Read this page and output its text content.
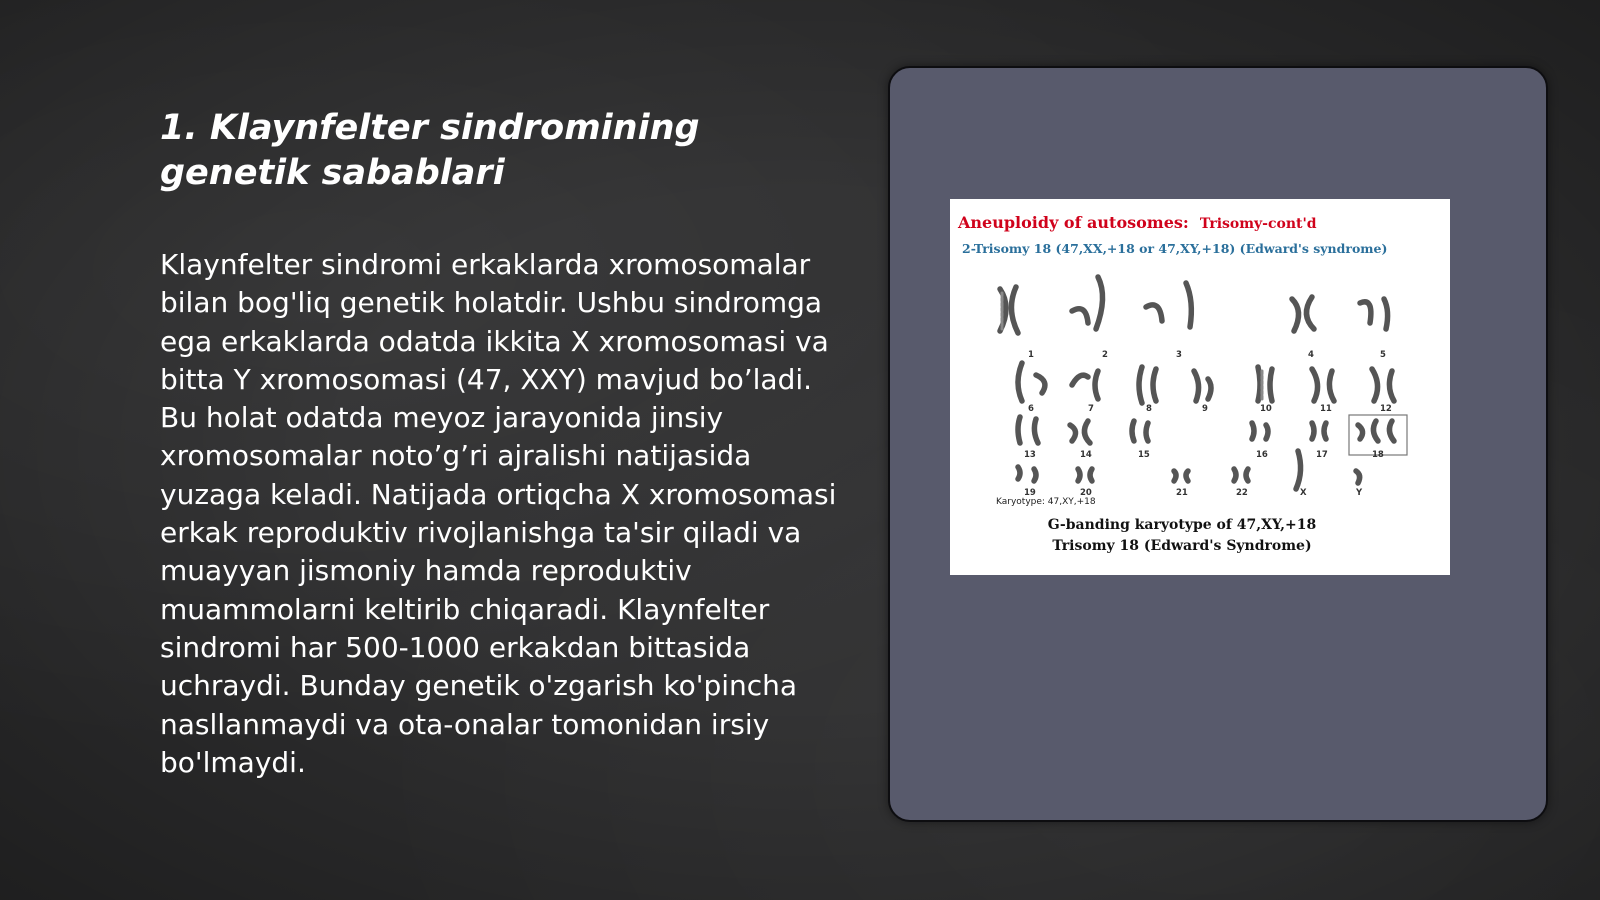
1. Klaynfelter sindromining genetik sabablari

Klaynfelter sindromi erkaklarda xromosomalar bilan bog'liq genetik holatdir. Ushbu sindromga ega erkaklarda odatda ikkita X xromosomasi va bitta Y xromosomasi (47, XXY) mavjud bo’ladi. Bu holat odatda meyoz jarayonida jinsiy xromosomalar noto’g’ri ajralishi natijasida yuzaga keladi. Natijada ortiqcha X xromosomasi erkak reproduktiv rivojlanishga ta'sir qiladi va muayyan jismoniy hamda reproduktiv muammolarni keltirib chiqaradi. Klaynfelter sindromi har 500-1000 erkakdan bittasida uchraydi. Bunday genetik o'zgarish ko'pincha nasllanmaydi va ota-onalar tomonidan irsiy bo'lmaydi.

Aneuploidy of autosomes: Trisomy-cont'd
2-Trisomy 18 (47,XX,+18 or 47,XY,+18) (Edward's syndrome)
1	2	3	4	5
6	7	8	9	10	11	12
13	14	15	16	17	18
19	20	21	22	X	Y
Karyotype: 47,XY,+18
G-banding karyotype of 47,XY,+18
Trisomy 18 (Edward's Syndrome)
